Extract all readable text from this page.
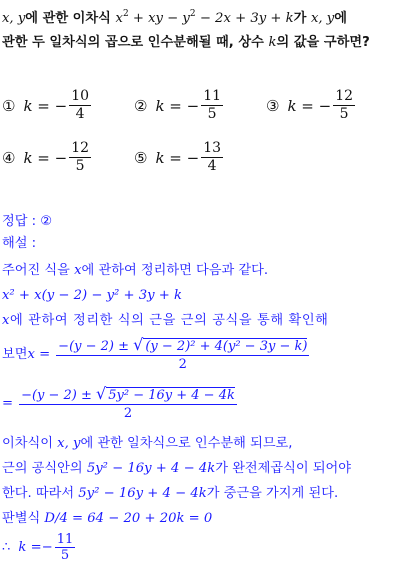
x, y에 관한 이차식 $x^2$ + xy − $y^2 - 2x + 3y + k$가 x, y에
관한 두 일차식의 곱으로 인수분해될 때, 상수 k의 값을 구하면?
① k = − $\frac{10}{4}$	② k = − $\frac{11}{5}$	③ k = − $\frac{12}{5}$
④ k = − $\frac{12}{5}$	⑤ k = − $\frac{13}{4}$
정답 : ②
해설 :
주어진 식을 x에 관하여 정리하면 다음과 같다.
x² + x(y − 2) − y² + 3y + k
x에 관하여 정리한 식의 근을 근의 공식을 통해 확인해
보면 $x = \frac{\text{−(y − 2) ± √ (y − 2)² + 4(y² − 3y − k)}}{2}$
= $\frac{\text{−(y − 2) ± √ 5y² − 16y + 4 − 4k}}{2}$
이차식이 x, y에 관한 일차식으로 인수분해 되므로,
근의 공식안의 5y² − 16y + 4 − 4k가 완전제곱식이 되어야
한다. 따라서 5y² − 16y + 4 − 4k가 중근을 가지게 된다.
판별식 D/4 = 64 − 20 + 20k = 0
∴ $k =- \frac{11}{5}$
